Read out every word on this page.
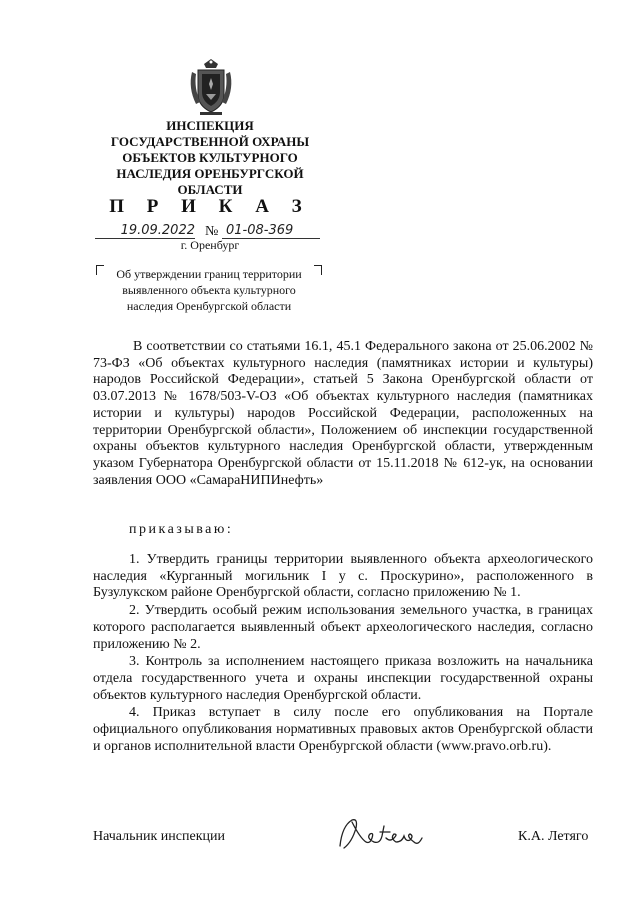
ИНСПЕКЦИЯ
ГОСУДАРСТВЕННОЙ ОХРАНЫ
ОБЪЕКТОВ КУЛЬТУРНОГО
НАСЛЕДИЯ ОРЕНБУРГСКОЙ
ОБЛАСТИ
П Р И К А З
19.09.2022 № 01-08-369
г. Оренбург
Об утверждении границ территории
выявленного объекта культурного
наследия Оренбургской области
В соответствии со статьями 16.1, 45.1 Федерального закона от 25.06.2002 № 73-ФЗ «Об объектах культурного наследия (памятниках истории и культуры) народов Российской Федерации», статьей 5 Закона Оренбургской области от 03.07.2013 № 1678/503-V-ОЗ «Об объектах культурного наследия (памятниках истории и культуры) народов Российской Федерации, расположенных на территории Оренбургской области», Положением об инспекции государственной охраны объектов культурного наследия Оренбургской области, утвержденным указом Губернатора Оренбургской области от 15.11.2018 № 612-ук, на основании заявления ООО «СамараНИПИнефть»
приказываю:

1. Утвердить границы территории выявленного объекта археологического наследия «Курганный могильник I у с. Проскурино», расположенного в Бузулукском районе Оренбургской области, согласно приложению № 1.

2. Утвердить особый режим использования земельного участка, в границах которого располагается выявленный объект археологического наследия, согласно приложению № 2.

3. Контроль за исполнением настоящего приказа возложить на начальника отдела государственного учета и охраны инспекции государственной охраны объектов культурного наследия Оренбургской области.

4. Приказ вступает в силу после его опубликования на Портале официального опубликования нормативных правовых актов Оренбургской области и органов исполнительной власти Оренбургской области (www.pravo.orb.ru).

Начальник инспекции	К.А. Летяго
